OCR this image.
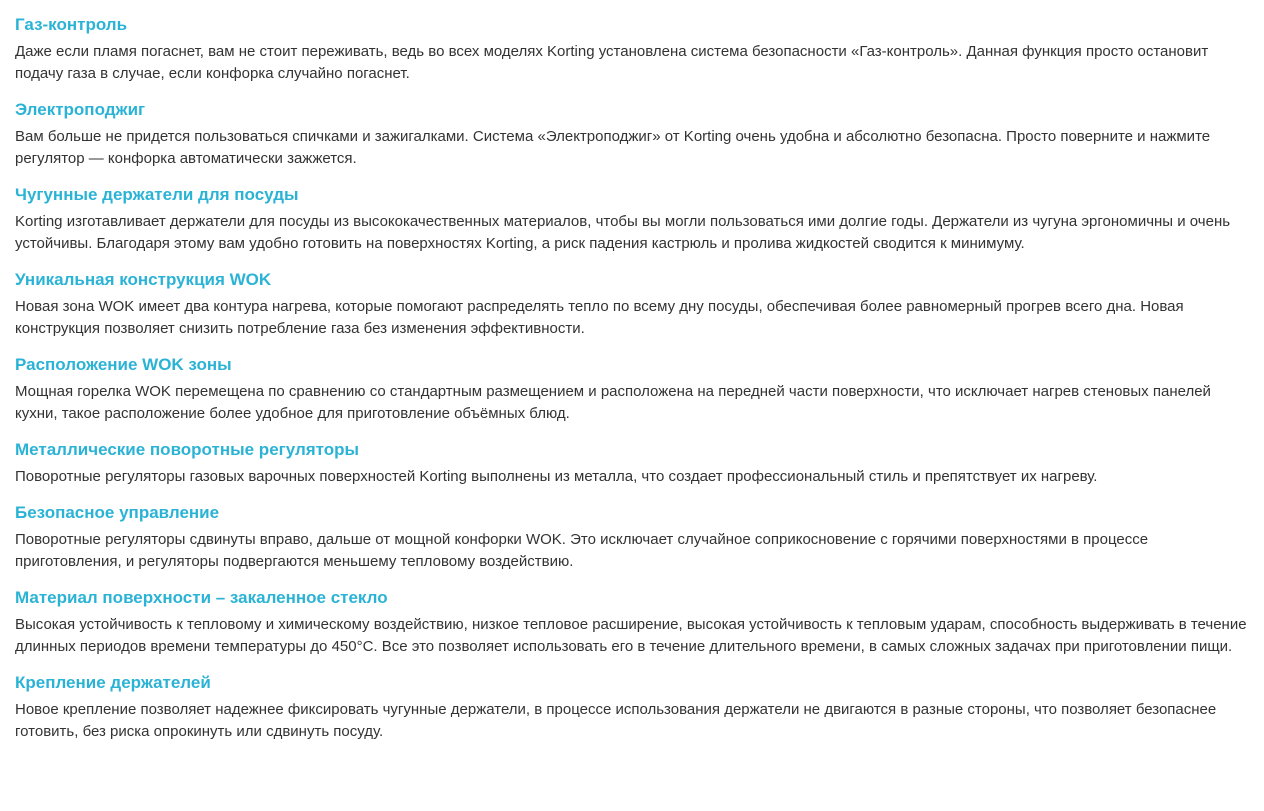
Газ-контроль

Даже если пламя погаснет, вам не стоит переживать, ведь во всех моделях Korting установлена система безопасности «Газ-контроль». Данная функция просто остановит подачу газа в случае, если конфорка случайно погаснет.

Электроподжиг

Вам больше не придется пользоваться спичками и зажигалками. Система «Электроподжиг» от Korting очень удобна и абсолютно безопасна. Просто поверните и нажмите регулятор — конфорка автоматически зажжется.

Чугунные держатели для посуды

Korting изготавливает держатели для посуды из высококачественных материалов, чтобы вы могли пользоваться ими долгие годы. Держатели из чугуна эргономичны и очень устойчивы. Благодаря этому вам удобно готовить на поверхностях Korting, а риск падения кастрюль и пролива жидкостей сводится к минимуму.

Уникальная конструкция WOK

Новая зона WOK имеет два контура нагрева, которые помогают распределять тепло по всему дну посуды, обеспечивая более равномерный прогрев всего дна. Новая конструкция позволяет снизить потребление газа без изменения эффективности.

Расположение WOK зоны

Мощная горелка WOK перемещена по сравнению со стандартным размещением и расположена на передней части поверхности, что исключает нагрев стеновых панелей кухни, такое расположение более удобное для приготовление объёмных блюд.

Металлические поворотные регуляторы

Поворотные регуляторы газовых варочных поверхностей Korting выполнены из металла, что создает профессиональный стиль и препятствует их нагреву.

Безопасное управление

Поворотные регуляторы сдвинуты вправо, дальше от мощной конфорки WOK. Это исключает случайное соприкосновение с горячими поверхностями в процессе приготовления, и регуляторы подвергаются меньшему тепловому воздействию.

Материал поверхности – закаленное стекло

Высокая устойчивость к тепловому и химическому воздействию, низкое тепловое расширение, высокая устойчивость к тепловым ударам, способность выдерживать в течение длинных периодов времени температуры до 450°С. Все это позволяет использовать его в течение длительного времени, в самых сложных задачах при приготовлении пищи.

Крепление держателей

Новое крепление позволяет надежнее фиксировать чугунные держатели, в процессе использования держатели не двигаются в разные стороны, что позволяет безопаснее готовить, без риска опрокинуть или сдвинуть посуду.
